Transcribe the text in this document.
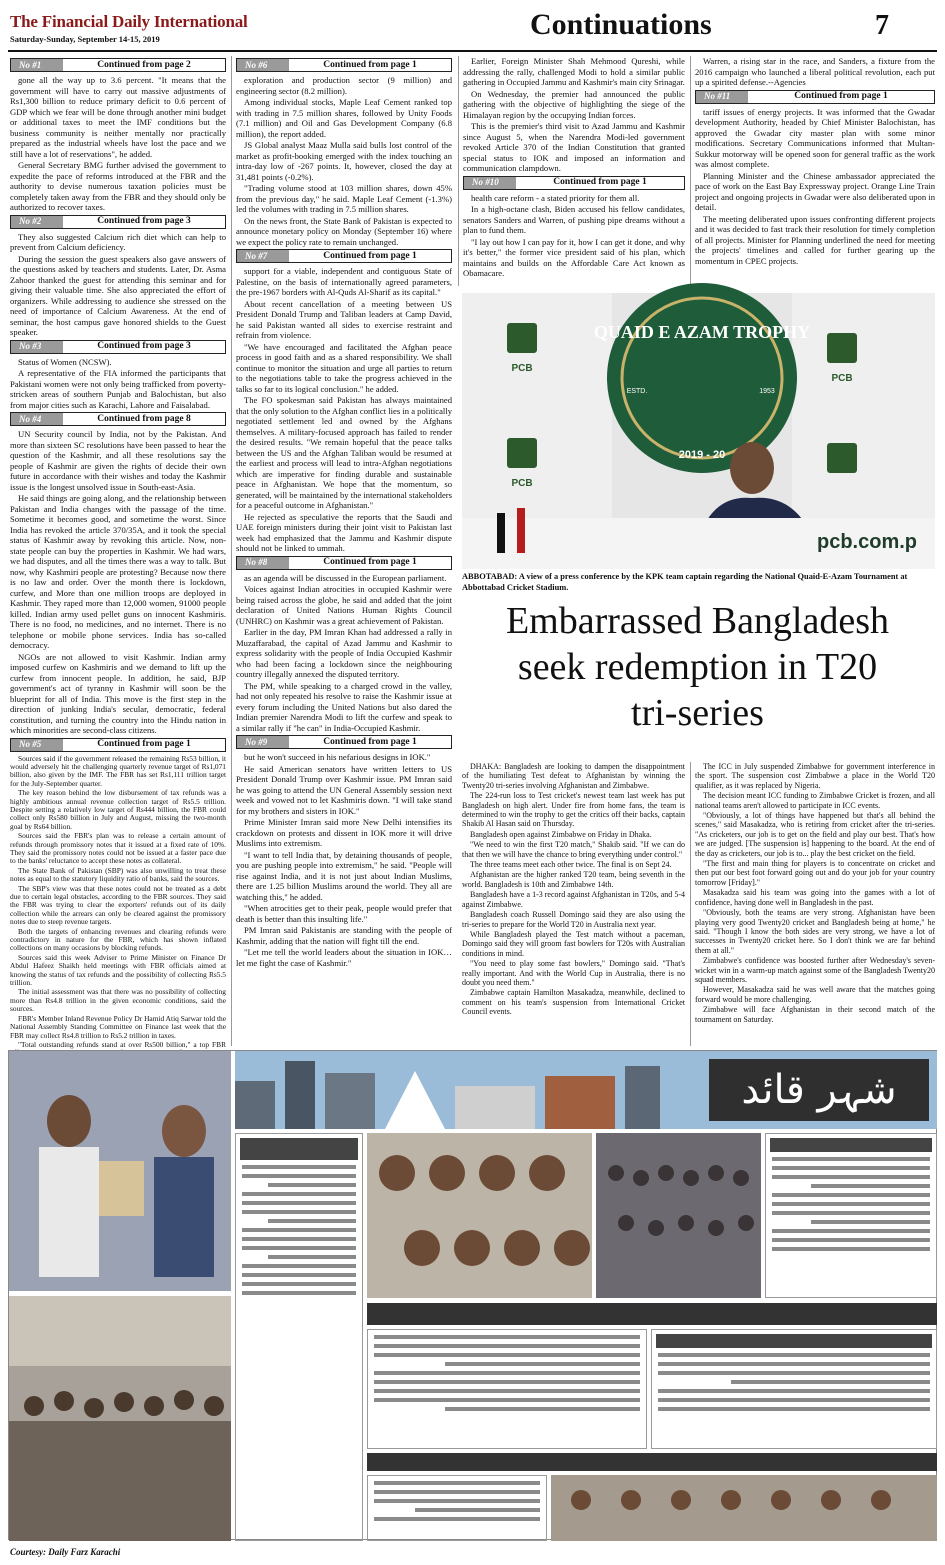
The Financial Daily International
Saturday-Sunday, September 14-15, 2019	Continuations	7
No #1	Continued from page 2

gone all the way up to 3.6 percent. "It means that the government will have to carry out massive adjustments of Rs1,300 billion to reduce primary deficit to 0.6 percent of GDP which we fear will be done through another mini budget or additional taxes to meet the IMF conditions but the business community is neither mentally nor practically prepared as the industrial wheels have lost the pace and we still have a lot of reservations", he added.

General Secretary BMG further advised the government to expedite the pace of reforms introduced at the FBR and the authority to devise numerous taxation policies must be completely taken away from the FBR and they should only be authorized to recover taxes.

No #2	Continued from page 3

They also suggested Calcium rich diet which can help to prevent from Calcium deficiency.

During the session the guest speakers also gave answers of the questions asked by teachers and students. Later, Dr. Asma Zahoor thanked the guest for attending this seminar and for giving their valuable time. She also appreciated the effort of organizers. While addressing to audience she stressed on the need of importance of Calcium Awareness. At the end of seminar, the host campus gave honored shields to the Guest speaker.

No #3	Continued from page 3

Status of Women (NCSW).

A representative of the FIA informed the participants that Pakistani women were not only being trafficked from poverty-stricken areas of southern Punjab and Balochistan, but also from major cities such as Karachi, Lahore and Faisalabad.

No #4	Continued from page 8

UN Security council by India, not by the Pakistan. And more than sixteen SC resolutions have been passed to hear the question of the Kashmir, and all these resolutions say the people of Kashmir are given the rights of decide their own future in accordance with their wishes and today the Kashmir issue is the longest unsolved issue in South-east-Asia.

He said things are going along, and the relationship between Pakistan and India changes with the passage of the time. Sometime it becomes good, and sometime the worst. Since India has revoked the article 370/35A, and it took the special status of Kashmir away by revoking this article. Now, non-state people can buy the properties in Kashmir. We had wars, we had disputes, and all the times there was a way to talk. But now, why Kashmiri people are protesting? Because now there is no law and order. Over the month there is lockdown, curfew, and More than one million troops are deployed in Kashmir. They raped more than 12,000 women, 91000 people killed. Indian army used pellet guns on innocent Kashmiris. There is no food, no medicines, and no internet. There is no telephone or mobile phone services. India has so-called democracy.

NGOs are not allowed to visit Kashmir. Indian army imposed curfew on Kashmiris and we demand to lift up the curfew from innocent people. In addition, he said, BJP government's act of tyranny in Kashmir will soon be the blueprint for all of India. This move is the first step in the direction of junking India's secular, democratic, federal constitution, and turning the country into the Hindu nation in which minorities are second-class citizens.

No #5	Continued from page 1

Sources said if the government released the remaining Rs53 billion, it would adversely hit the challenging quarterly revenue target of Rs1,071 billion, also given by the IMF. The FBR has set Rs1,111 trillion target for the July-September quarter.

The key reason behind the low disbursement of tax refunds was a highly ambitious annual revenue collection target of Rs5.5 trillion. Despite setting a relatively low target of Rs444 billion, the FBR could collect only Rs580 billion in July and August, missing the two-month goal by Rs64 billion.

Sources said the FBR's plan was to release a certain amount of refunds through promissory notes that it issued at a fixed rate of 10%. They said the promissory notes could not be issued at a faster pace due to the banks' reluctance to accept these notes as collateral.

The State Bank of Pakistan (SBP) was also unwilling to treat these notes as equal to the statutory liquidity ratio of banks, said the sources.

The SBP's view was that these notes could not be treated as a debt due to certain legal obstacles, according to the FBR sources. They said the FBR was trying to clear the exporters' refunds out of its daily collection while the arrears can only be cleared against the promissory notes due to steep revenue targets.

Both the targets of enhancing revenues and clearing refunds were contradictory in nature for the FBR, which has shown inflated collections on many occasions by blocking refunds.

Sources said this week Adviser to Prime Minister on Finance Dr Abdul Hafeez Shaikh held meetings with FBR officials aimed at knowing the status of tax refunds and the possibility of collecting Rs5.5 trillion.

The initial assessment was that there was no possibility of collecting more than Rs4.8 trillion in the given economic conditions, said the sources.

FBR's Member Inland Revenue Policy Dr Hamid Atiq Sarwar told the National Assembly Standing Committee on Finance last week that the FBR may collect Rs4.8 trillion to Rs5.2 trillion in taxes.

"Total outstanding refunds stand at over Rs500 billion," a top FBR

No #6	Continued from page 1

exploration and production sector (9 million) and engineering sector (8.2 million).

Among individual stocks, Maple Leaf Cement ranked top with trading in 7.5 million shares, followed by Unity Foods (7.1 million) and Oil and Gas Development Company (6.8 million), the report added.

JS Global analyst Maaz Mulla said bulls lost control of the market as profit-booking emerged with the index touching an intra-day low of -267 points. It, however, closed the day at 31,481 points (-0.2%).

"Trading volume stood at 103 million shares, down 45% from the previous day," he said. Maple Leaf Cement (-1.3%) led the volumes with trading in 7.5 million shares.

On the news front, the State Bank of Pakistan is expected to announce monetary policy on Monday (September 16) where we expect the policy rate to remain unchanged.

No #7	Continued from page 1

support for a viable, independent and contiguous State of Palestine, on the basis of internationally agreed parameters, the pre-1967 borders with Al-Quds Al-Sharif as its capital."

About recent cancellation of a meeting between US President Donald Trump and Taliban leaders at Camp David, he said Pakistan wanted all sides to exercise restraint and refrain from violence.

"We have encouraged and facilitated the Afghan peace process in good faith and as a shared responsibility. We shall continue to monitor the situation and urge all parties to return to the negotiations table to take the progress achieved in the talks so far to its logical conclusion." he added.

The FO spokesman said Pakistan has always maintained that the only solution to the Afghan conflict lies in a politically negotiated settlement led and owned by the Afghans themselves. A military-focused approach has failed to render the desired results. "We remain hopeful that the peace talks between the US and the Afghan Taliban would be resumed at the earliest and process will lead to intra-Afghan negotiations which are imperative for finding durable and sustainable peace in Afghanistan. We hope that the momentum, so generated, will be maintained by the international stakeholders for a peaceful outcome in Afghanistan."

He rejected as speculative the reports that the Saudi and UAE foreign ministers during their joint visit to Pakistan last week had emphasized that the Jammu and Kashmir dispute should not be linked to ummah.

No #8	Continued from page 1

as an agenda will be discussed in the European parliament.

Voices against Indian atrocities in occupied Kashmir were being raised across the globe, he said and added that the joint declaration of United Nations Human Rights Council (UNHRC) on Kashmir was a great achievement of Pakistan.

Earlier in the day, PM Imran Khan had addressed a rally in Muzaffarabad, the capital of Azad Jammu and Kashmir to express solidarity with the people of India Occupied Kashmir who had been facing a lockdown since the neighbouring country illegally annexed the disputed territory.

The PM, while speaking to a charged crowd in the valley, had not only repeated his resolve to raise the Kashmir issue at every forum including the United Nations but also dared the Indian premier Narendra Modi to lift the curfew and speak to a similar rally if "he can" in India-Occupied Kashmir.

No #9	Continued from page 1

but he won't succeed in his nefarious designs in IOK."

He said American senators have written letters to US President Donald Trump over Kashmir issue. PM Imran said he was going to attend the UN General Assembly session next week and vowed not to let Kashmiris down. "I will take stand for my brothers and sisters in IOK."

Prime Minister Imran said more New Delhi intensifies its crackdown on protests and dissent in IOK more it will drive Muslims into extremism.

"I want to tell India that, by detaining thousands of people, you are pushing people into extremism," he said. "People will rise against India, and it is not just about Indian Muslims, there are 1.25 billion Muslims around the world. They all are watching this," he added.

"When atrocities get to their peak, people would prefer that death is better than this insulting life."

PM Imran said Pakistanis are standing with the people of Kashmir, adding that the nation will fight till the end.

"Let me tell the world leaders about the situation in IOK… let me fight the case of Kashmir."

Earlier, Foreign Minister Shah Mehmood Qureshi, while addressing the rally, challenged Modi to hold a similar public gathering in Occupied Jammu and Kashmir's main city Srinagar.

On Wednesday, the premier had announced the public gathering with the objective of highlighting the siege of the Himalayan region by the occupying Indian forces.

This is the premier's third visit to Azad Jammu and Kashmir since August 5, when the Narendra Modi-led government revoked Article 370 of the Indian Constitution that granted special status to IOK and imposed an information and communication clampdown.

No #10	Continued from page 1

health care reform - a stated priority for them all.

In a high-octane clash, Biden accused his fellow candidates, senators Sanders and Warren, of pushing pipe dreams without a plan to fund them.

"I lay out how I can pay for it, how I can get it done, and why it's better," the former vice president said of his plan, which maintains and builds on the Affordable Care Act known as Obamacare.

Warren, a rising star in the race, and Sanders, a fixture from the 2016 campaign who launched a liberal political revolution, each put up a spirited defense.--Agencies

No #11	Continued from page 1

tariff issues of energy projects. It was informed that the Gwadar development Authority, headed by Chief Minister Balochistan, has approved the Gwadar city master plan with some minor modifications. Secretary Communications informed that Multan-Sukkur motorway will be opened soon for general traffic as the work was almost complete.

Planning Minister and the Chinese ambassador appreciated the pace of work on the East Bay Expressway project. Orange Line Train project and ongoing projects in Gwadar were also deliberated upon in detail.

The meeting deliberated upon issues confronting different projects and it was decided to fast track their resolution for timely completion of all projects. Minister for Planning underlined the need for meeting the projects' timelines and called for further gearing up the momentum in CPEC projects.

PCB
PCB
PCB
QUAID E AZAM TROPHY
ESTD.	1953
2019 - 20
pcb.com.p
ABBOTABAD: A view of a press conference by the KPK team captain regarding the National Quaid-E-Azam Tournament at Abbottabad Cricket Stadium.
Embarrassed Bangladesh
seek redemption in T20
tri-series

DHAKA: Bangladesh are looking to dampen the disappointment of the humiliating Test defeat to Afghanistan by winning the Twenty20 tri-series involving Afghanistan and Zimbabwe.

The 224-run loss to Test cricket's newest team last week has put Bangladesh on high alert. Under fire from home fans, the team is determined to win the trophy to get the critics off their backs, captain Shakib Al Hasan said on Thursday.

Bangladesh open against Zimbabwe on Friday in Dhaka.

"We need to win the first T20 match," Shakib said. "If we can do that then we will have the chance to bring everything under control."

The three teams meet each other twice. The final is on Sept 24.

Afghanistan are the higher ranked T20 team, being seventh in the world. Bangladesh is 10th and Zimbabwe 14th.

Bangladesh have a 1-3 record against Afghanistan in T20s, and 5-4 against Zimbabwe.

Bangladesh coach Russell Domingo said they are also using the tri-series to prepare for the World T20 in Australia next year.

While Bangladesh played the Test match without a paceman, Domingo said they will groom fast bowlers for T20s with Australian conditions in mind.

"You need to play some fast bowlers," Domingo said. "That's really important. And with the World Cup in Australia, there is no doubt you need them."

Zimbabwe captain Hamilton Masakadza, meanwhile, declined to comment on his team's suspension from International Cricket Council events.

The ICC in July suspended Zimbabwe for government interference in the sport. The suspension cost Zimbabwe a place in the World T20 qualifier, as it was replaced by Nigeria.

The decision meant ICC funding to Zimbabwe Cricket is frozen, and all national teams aren't allowed to participate in ICC events.

"Obviously, a lot of things have happened but that's all behind the scenes," said Masakadza, who is retiring from cricket after the tri-series. "As cricketers, our job is to get on the field and play our best. That's how we are judged. [The suspension is] happening to the board. At the end of the day as cricketers, our job is to... play the best cricket on the field.

"The first and main thing for players is to concentrate on cricket and then put our best foot forward going out and do your job for your country tomorrow [Friday]."

Masakadza said his team was going into the games with a lot of confidence, having done well in Bangladesh in the past.

"Obviously, both the teams are very strong. Afghanistan have been playing very good Twenty20 cricket and Bangladesh being at home," he said. "Though I know the both sides are very strong, we have a lot of successes in Twenty20 cricket here. So I don't think we are far behind them at all."

Zimbabwe's confidence was boosted further after Wednesday's seven-wicket win in a warm-up match against some of the Bangladesh Twenty20 squad members.

However, Masakadza said he was well aware that the matches going forward would be more challenging.

Zimbabwe will face Afghanistan in their second match of the tournament on Saturday.

شہر قائد
Courtesy: Daily Farz Karachi
